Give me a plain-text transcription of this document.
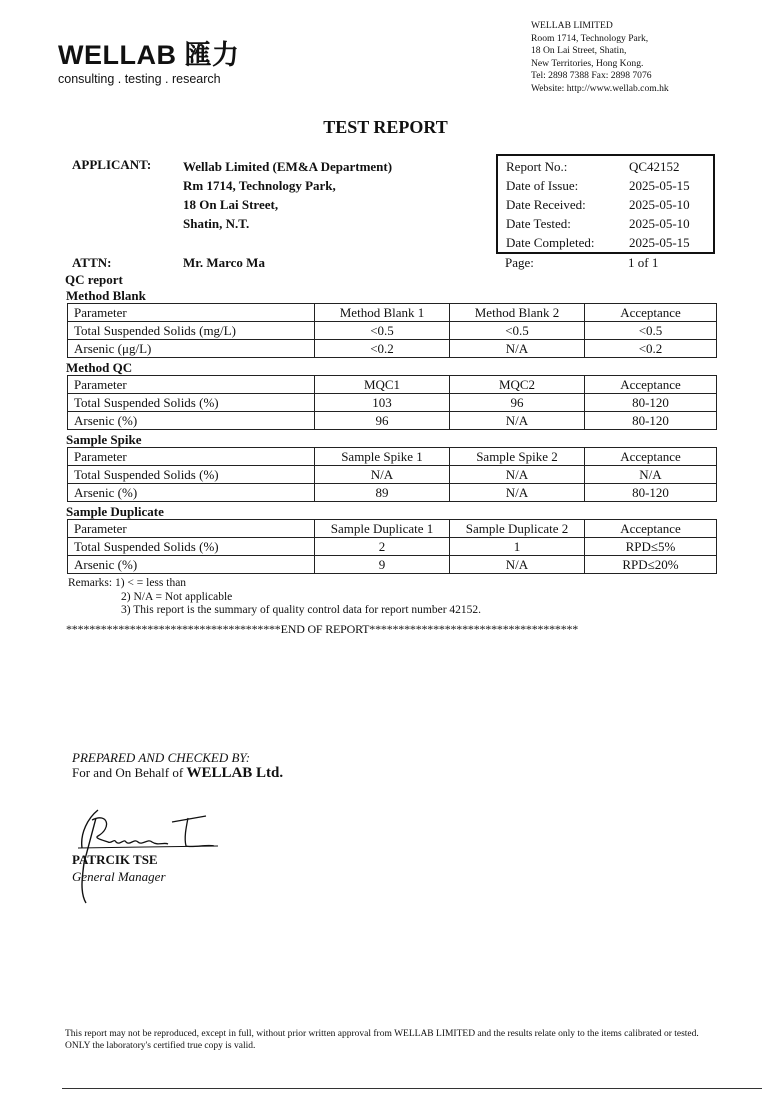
WELLAB 匯力
consulting . testing . research
WELLAB LIMITED
Room 1714, Technology Park,
18 On Lai Street, Shatin,
New Territories, Hong Kong.
Tel: 2898 7388 Fax: 2898 7076
Website: http://www.wellab.com.hk
TEST REPORT
APPLICANT: Wellab Limited (EM&A Department)
Rm 1714, Technology Park,
18 On Lai Street,
Shatin, N.T.
ATTN:	Mr. Marco Ma
Report No.:	QC42152
Date of Issue:	2025-05-15
Date Received:	2025-05-10
Date Tested:	2025-05-10
Date Completed:	2025-05-15
Page:	1 of 1
QC report
Method Blank
Parameter	Method Blank 1	Method Blank 2	Acceptance
Total Suspended Solids (mg/L)	<0.5	<0.5	<0.5
Arsenic (μg/L)	<0.2	N/A	<0.2
Method QC
Parameter	MQC1	MQC2	Acceptance
Total Suspended Solids (%)	103	96	80-120
Arsenic (%)	96	N/A	80-120
Sample Spike
Parameter	Sample Spike 1	Sample Spike 2	Acceptance
Total Suspended Solids (%)	N/A	N/A	N/A
Arsenic (%)	89	N/A	80-120
Sample Duplicate
Parameter	Sample Duplicate 1	Sample Duplicate 2	Acceptance
Total Suspended Solids (%)	2	1	RPD≤5%
Arsenic (%)	9	N/A	RPD≤20%
Remarks: 1) < = less than
2) N/A = Not applicable
3) This report is the summary of quality control data for report number 42152.
*************************************END OF REPORT************************************
PREPARED AND CHECKED BY:
For and On Behalf of WELLAB Ltd.
PATRCIK TSE
General Manager
This report may not be reproduced, except in full, without prior written approval from WELLAB LIMITED and the results relate only to the items calibrated or tested. ONLY the laboratory's certified true copy is valid.
